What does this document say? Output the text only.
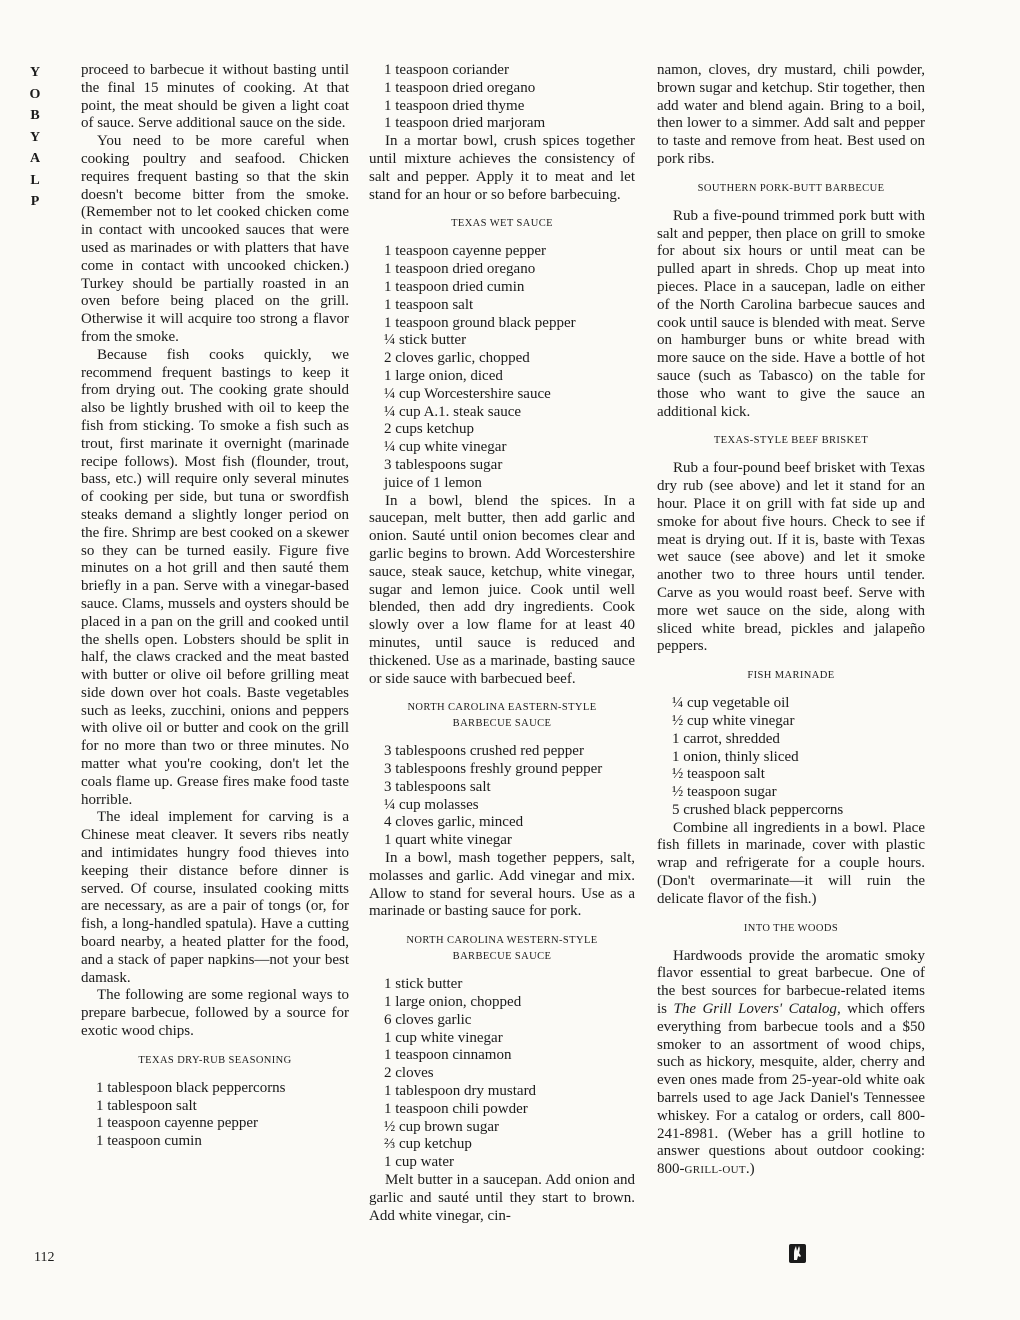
Y
O
B
Y
A
L
P
112

proceed to barbecue it without basting until the final 15 minutes of cooking. At that point, the meat should be given a light coat of sauce. Serve additional sauce on the side.

You need to be more careful when cooking poultry and seafood. Chicken requires frequent basting so that the skin doesn't become bitter from the smoke. (Remember not to let cooked chicken come in contact with uncooked sauces that were used as marinades or with platters that have come in contact with uncooked chicken.) Turkey should be partially roasted in an oven before being placed on the grill. Otherwise it will acquire too strong a flavor from the smoke.

Because fish cooks quickly, we recommend frequent bastings to keep it from drying out. The cooking grate should also be lightly brushed with oil to keep the fish from sticking. To smoke a fish such as trout, first marinate it overnight (marinade recipe follows). Most fish (flounder, trout, bass, etc.) will require only several minutes of cooking per side, but tuna or swordfish steaks demand a slightly longer period on the fire. Shrimp are best cooked on a skewer so they can be turned easily. Figure five minutes on a hot grill and then sauté them briefly in a pan. Serve with a vinegar-based sauce. Clams, mussels and oysters should be placed in a pan on the grill and cooked until the shells open. Lobsters should be split in half, the claws cracked and the meat basted with butter or olive oil before grilling meat side down over hot coals. Baste vegetables such as leeks, zucchini, onions and peppers with olive oil or butter and cook on the grill for no more than two or three minutes. No matter what you're cooking, don't let the coals flame up. Grease fires make food taste horrible.

The ideal implement for carving is a Chinese meat cleaver. It severs ribs neatly and intimidates hungry food thieves into keeping their distance before dinner is served. Of course, insulated cooking mitts are necessary, as are a pair of tongs (or, for fish, a long-handled spatula). Have a cutting board nearby, a heated platter for the food, and a stack of paper napkins—not your best damask.

The following are some regional ways to prepare barbecue, followed by a source for exotic wood chips.

TEXAS DRY-RUB SEASONING
1 tablespoon black peppercorns
1 tablespoon salt
1 teaspoon cayenne pepper
1 teaspoon cumin
1 teaspoon coriander
1 teaspoon dried oregano
1 teaspoon dried thyme
1 teaspoon dried marjoram

In a mortar bowl, crush spices together until mixture achieves the consistency of salt and pepper. Apply it to meat and let stand for an hour or so before barbecuing.

TEXAS WET SAUCE
1 teaspoon cayenne pepper
1 teaspoon dried oregano
1 teaspoon dried cumin
1 teaspoon salt
1 teaspoon ground black pepper
¼ stick butter
2 cloves garlic, chopped
1 large onion, diced
¼ cup Worcestershire sauce
¼ cup A.1. steak sauce
2 cups ketchup
¼ cup white vinegar
3 tablespoons sugar
juice of 1 lemon

In a bowl, blend the spices. In a saucepan, melt butter, then add garlic and onion. Sauté until onion becomes clear and garlic begins to brown. Add Worcestershire sauce, steak sauce, ketchup, white vinegar, sugar and lemon juice. Cook until well blended, then add dry ingredients. Cook slowly over a low flame for at least 40 minutes, until sauce is reduced and thickened. Use as a marinade, basting sauce or side sauce with barbecued beef.

NORTH CAROLINA EASTERN-STYLE
BARBECUE SAUCE
3 tablespoons crushed red pepper
3 tablespoons freshly ground pepper
3 tablespoons salt
¼ cup molasses
4 cloves garlic, minced
1 quart white vinegar

In a bowl, mash together peppers, salt, molasses and garlic. Add vinegar and mix. Allow to stand for several hours. Use as a marinade or basting sauce for pork.

NORTH CAROLINA WESTERN-STYLE
BARBECUE SAUCE
1 stick butter
1 large onion, chopped
6 cloves garlic
1 cup white vinegar
1 teaspoon cinnamon
2 cloves
1 tablespoon dry mustard
1 teaspoon chili powder
½ cup brown sugar
⅔ cup ketchup
1 cup water

Melt butter in a saucepan. Add onion and garlic and sauté until they start to brown. Add white vinegar, cin-

namon, cloves, dry mustard, chili powder, brown sugar and ketchup. Stir together, then add water and blend again. Bring to a boil, then lower to a simmer. Add salt and pepper to taste and remove from heat. Best used on pork ribs.

SOUTHERN PORK-BUTT BARBECUE

Rub a five-pound trimmed pork butt with salt and pepper, then place on grill to smoke for about six hours or until meat can be pulled apart in shreds. Chop up meat into pieces. Place in a saucepan, ladle on either of the North Carolina barbecue sauces and cook until sauce is blended with meat. Serve on hamburger buns or white bread with more sauce on the side. Have a bottle of hot sauce (such as Tabasco) on the table for those who want to give the sauce an additional kick.

TEXAS-STYLE BEEF BRISKET

Rub a four-pound beef brisket with Texas dry rub (see above) and let it stand for an hour. Place it on grill with fat side up and smoke for about five hours. Check to see if meat is drying out. If it is, baste with Texas wet sauce (see above) and let it smoke another two to three hours until tender. Carve as you would roast beef. Serve with more wet sauce on the side, along with sliced white bread, pickles and jalapeño peppers.

FISH MARINADE
¼ cup vegetable oil
½ cup white vinegar
1 carrot, shredded
1 onion, thinly sliced
½ teaspoon salt
½ teaspoon sugar
5 crushed black peppercorns

Combine all ingredients in a bowl. Place fish fillets in marinade, cover with plastic wrap and refrigerate for a couple hours. (Don't overmarinate—it will ruin the delicate flavor of the fish.)

INTO THE WOODS

Hardwoods provide the aromatic smoky flavor essential to great barbecue. One of the best sources for barbecue-related items is The Grill Lovers' Catalog, which offers everything from barbecue tools and a $50 smoker to an assortment of wood chips, such as hickory, mesquite, alder, cherry and even ones made from 25-year-old white oak barrels used to age Jack Daniel's Tennessee whiskey. For a catalog or orders, call 800-241-8981. (Weber has a grill hotline to answer questions about outdoor cooking: 800-GRILL-OUT.)
